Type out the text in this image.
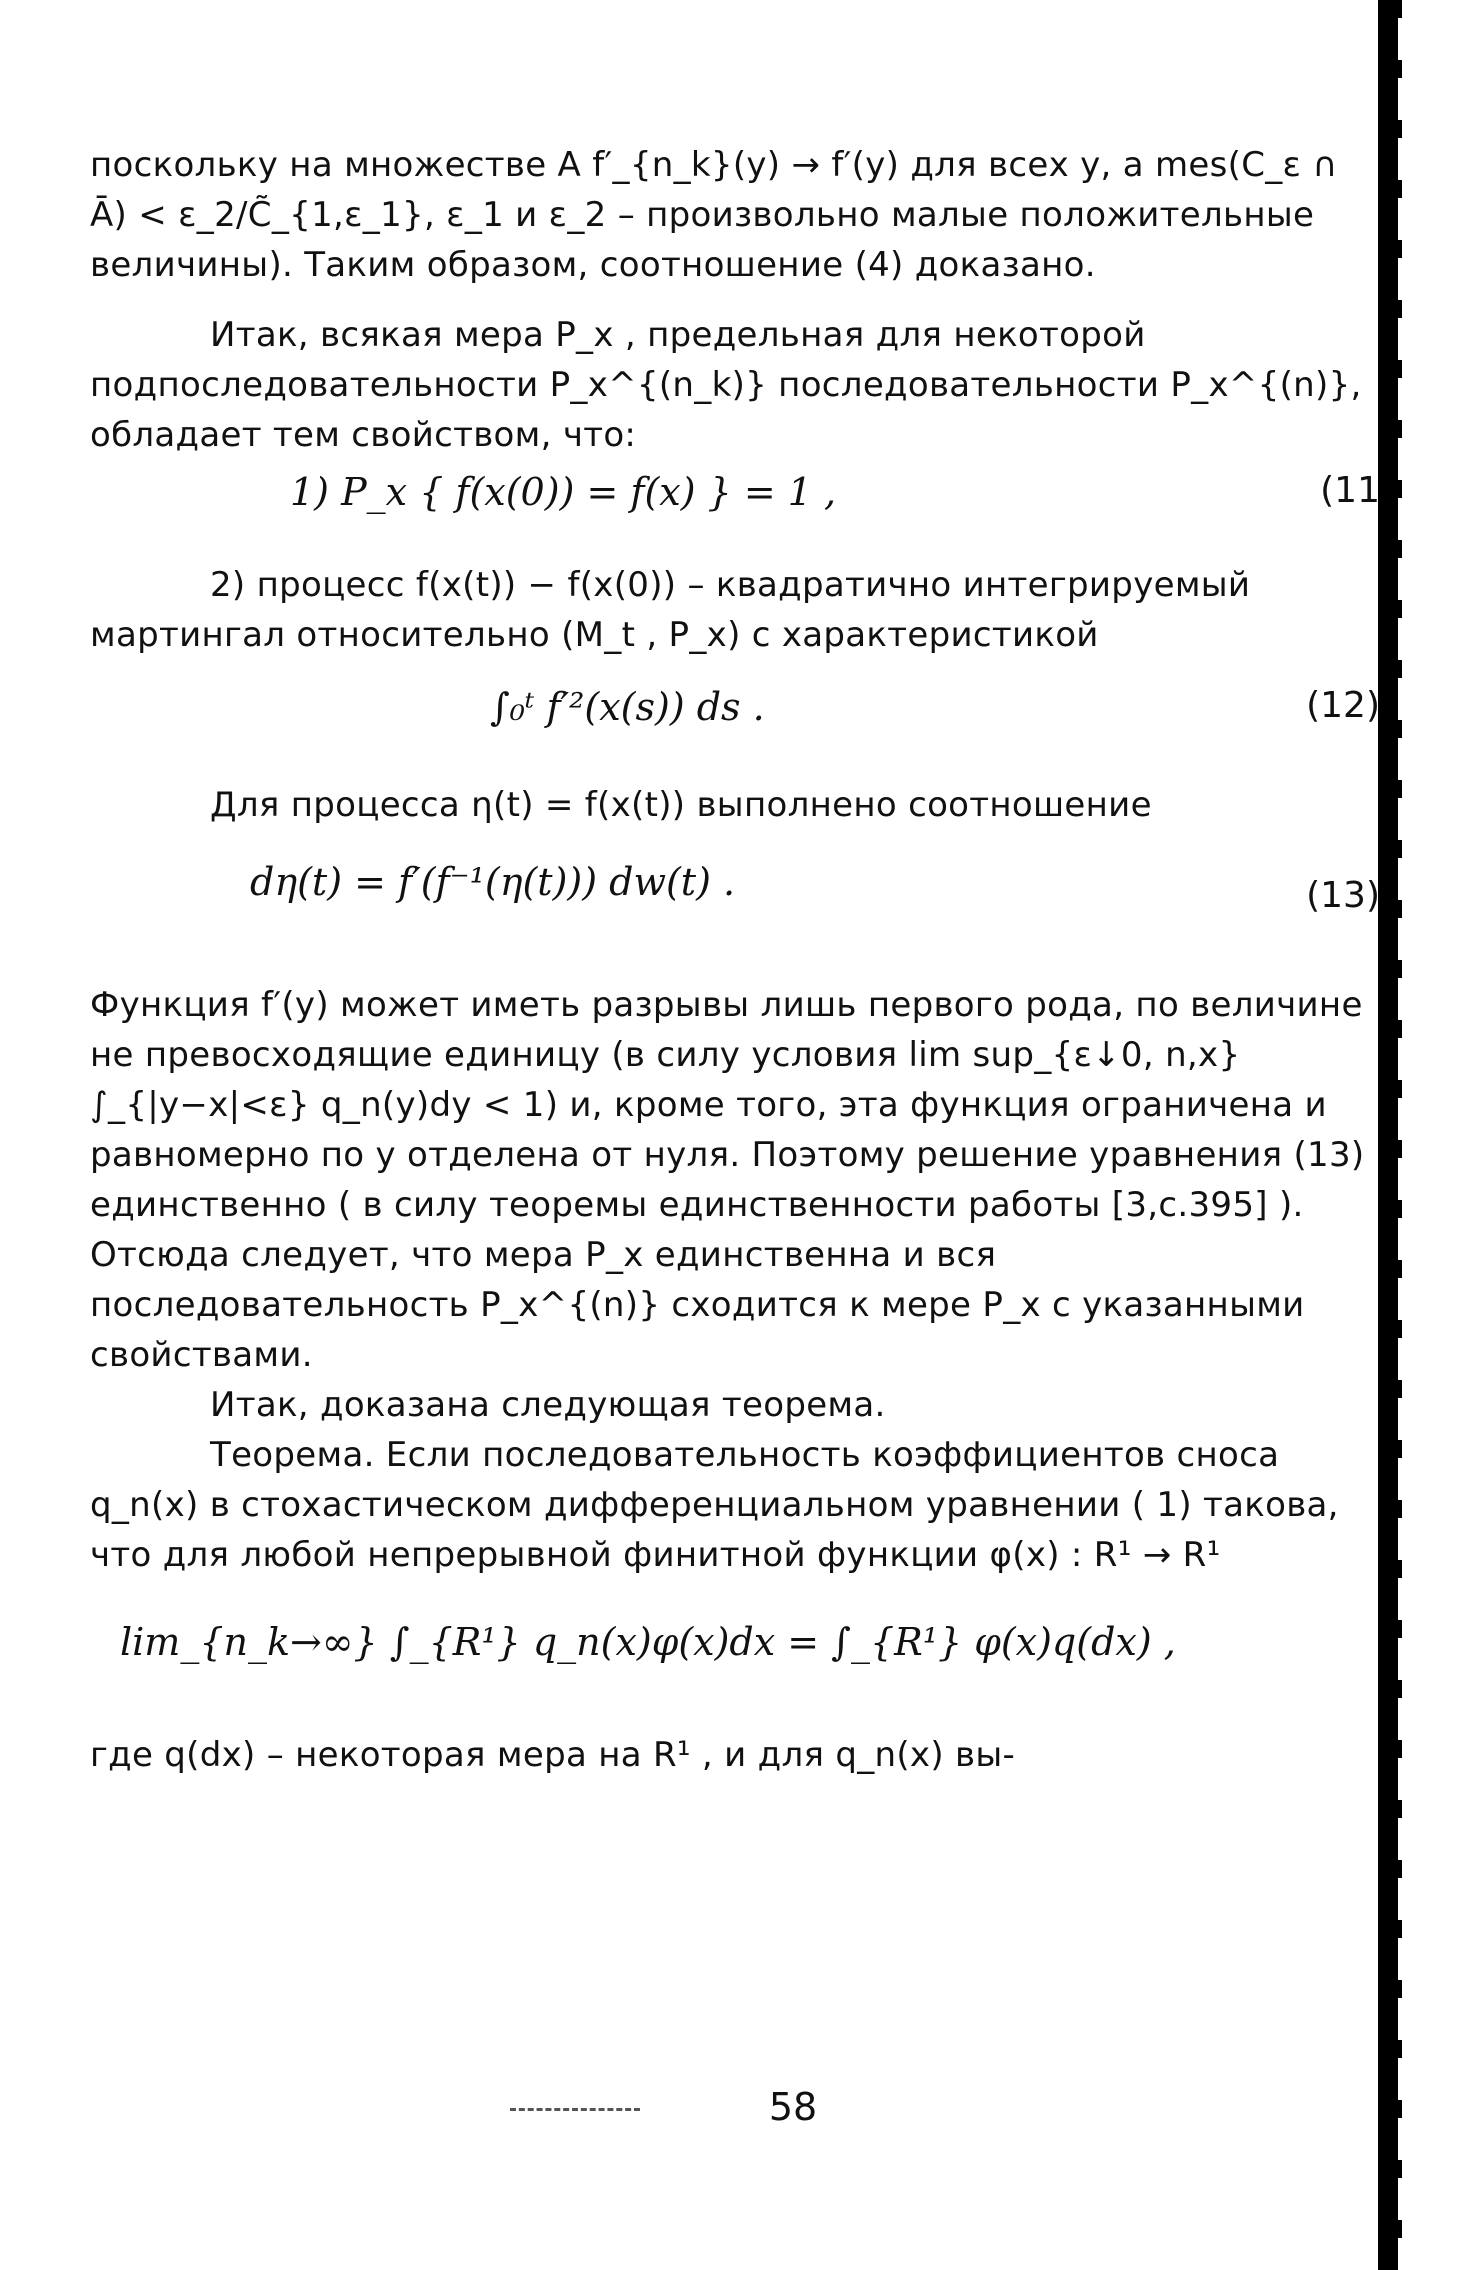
поскольку на множестве A f′_{n_k}(y) → f′(y) для всех y, а mes(C_ε ∩ Ā) < ε_2/C̃_{1,ε_1}, ε_1 и ε_2 – произвольно малые положительные величины). Таким образом, соотношение (4) доказано.

Итак, всякая мера P_x , предельная для некоторой подпоследовательности P_x^{(n_k)} последовательности P_x^{(n)}, обладает тем свойством, что:

1) P_x { f(x(0)) = f(x) } = 1 ,	(11

2) процесс f(x(t)) − f(x(0)) – квадратично интегрируемый мартингал относительно (M_t , P_x) с характеристикой

∫₀ᵗ f′²(x(s)) ds .	(12)

Для процесса η(t) = f(x(t)) выполнено соотношение

dη(t) = f′(f⁻¹(η(t))) dw(t) .	(13)

Функция f′(y) может иметь разрывы лишь первого рода, по величине не превосходящие единицу (в силу условия lim sup_{ε↓0, n,x} ∫_{|y−x|<ε} q_n(y)dy < 1) и, кроме того, эта функция ограничена и равномерно по y отделена от нуля. Поэтому решение уравнения (13) единственно ( в силу теоремы единственности работы [3,с.395] ). Отсюда следует, что мера P_x единственна и вся последовательность P_x^{(n)} сходится к мере P_x с указанными свойствами.

Итак, доказана следующая теорема.

Теорема. Если последовательность коэффициентов сноса q_n(x) в стохастическом дифференциальном уравнении ( 1) такова, что для любой непрерывной финитной функции φ(x) : R¹ → R¹

lim_{n_k→∞} ∫_{R¹} q_n(x)φ(x)dx = ∫_{R¹} φ(x)q(dx) ,

где q(dx) – некоторая мера на R¹ , и для q_n(x) вы-

58
